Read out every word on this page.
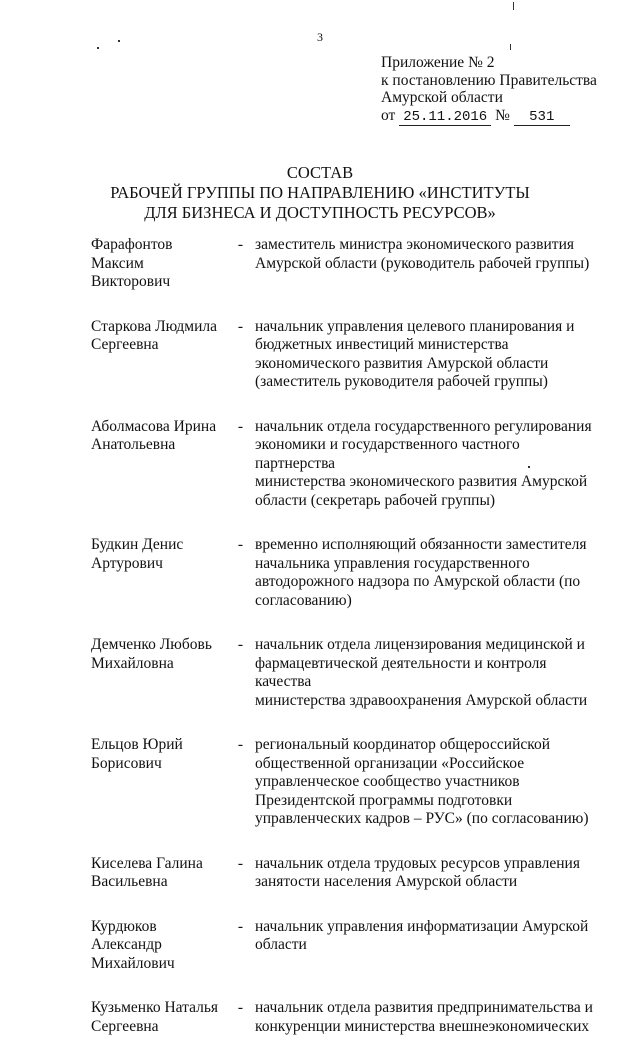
3
Приложение № 2
к постановлению Правительства
Амурской области
от 25.11.2016 № 531
СОСТАВ
РАБОЧЕЙ ГРУППЫ ПО НАПРАВЛЕНИЮ «ИНСТИТУТЫ
ДЛЯ БИЗНЕСА И ДОСТУПНОСТЬ РЕСУРСОВ»
Фарафонтов
Максим Викторович
- заместитель министра экономического развития
Амурской области (руководитель рабочей группы)
Старкова Людмила
Сергеевна
- начальник управления целевого планирования и
бюджетных инвестиций министерства
экономического развития Амурской области
(заместитель руководителя рабочей группы)
Аболмасова Ирина
Анатольевна
- начальник отдела государственного регулирования
экономики и государственного частного партнерства
министерства экономического развития Амурской
области (секретарь рабочей группы)
Будкин Денис
Артурович
- временно исполняющий обязанности заместителя
начальника управления государственного
автодорожного надзора по Амурской области (по
согласованию)
Демченко Любовь
Михайловна
- начальник отдела лицензирования медицинской и
фармацевтической деятельности и контроля качества
министерства здравоохранения Амурской области
Ельцов Юрий
Борисович
- региональный координатор общероссийской
общественной организации «Российское
управленческое сообщество участников
Президентской программы подготовки
управленческих кадров – РУС» (по согласованию)
Киселева Галина
Васильевна
- начальник отдела трудовых ресурсов управления
занятости населения Амурской области
Курдюков
Александр
Михайлович
- начальник управления информатизации Амурской
области
Кузьменко Наталья
Сергеевна
- начальник отдела развития предпринимательства и
конкуренции министерства внешнеэкономических
